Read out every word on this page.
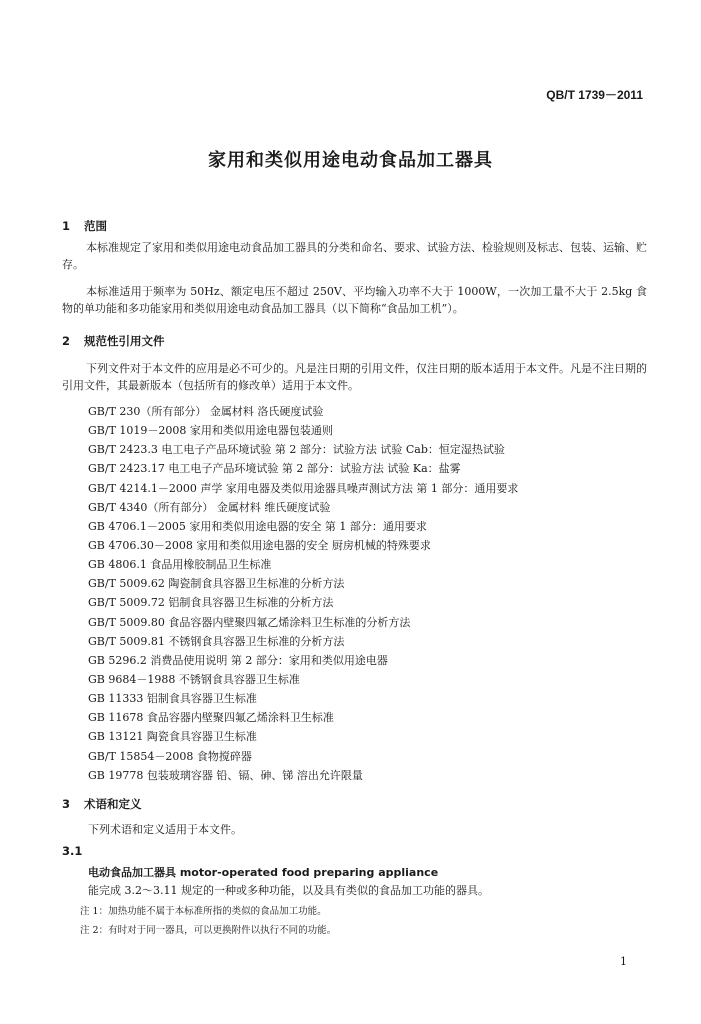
QB/T 1739－2011
家用和类似用途电动食品加工器具
1 范围
本标准规定了家用和类似用途电动食品加工器具的分类和命名、要求、试验方法、检验规则及标志、包装、运输、贮存。
本标准适用于频率为 50Hz、额定电压不超过 250V、平均输入功率不大于 1000W，一次加工量不大于 2.5kg 食物的单功能和多功能家用和类似用途电动食品加工器具（以下简称“食品加工机”）。
2 规范性引用文件
下列文件对于本文件的应用是必不可少的。凡是注日期的引用文件，仅注日期的版本适用于本文件。凡是不注日期的引用文件，其最新版本（包括所有的修改单）适用于本文件。
GB/T 230（所有部分） 金属材料 洛氏硬度试验
GB/T 1019－2008 家用和类似用途电器包装通则
GB/T 2423.3 电工电子产品环境试验 第 2 部分：试验方法 试验 Cab：恒定湿热试验
GB/T 2423.17 电工电子产品环境试验 第 2 部分：试验方法 试验 Ka：盐雾
GB/T 4214.1－2000 声学 家用电器及类似用途器具噪声测试方法 第 1 部分：通用要求
GB/T 4340（所有部分） 金属材料 维氏硬度试验
GB 4706.1－2005 家用和类似用途电器的安全 第 1 部分：通用要求
GB 4706.30－2008 家用和类似用途电器的安全 厨房机械的特殊要求
GB 4806.1 食品用橡胶制品卫生标准
GB/T 5009.62 陶瓷制食具容器卫生标准的分析方法
GB/T 5009.72 铝制食具容器卫生标准的分析方法
GB/T 5009.80 食品容器内壁聚四氟乙烯涂料卫生标准的分析方法
GB/T 5009.81 不锈钢食具容器卫生标准的分析方法
GB 5296.2 消费品使用说明 第 2 部分：家用和类似用途电器
GB 9684－1988 不锈钢食具容器卫生标准
GB 11333 铝制食具容器卫生标准
GB 11678 食品容器内壁聚四氟乙烯涂料卫生标准
GB 13121 陶瓷食具容器卫生标准
GB/T 15854－2008 食物搅碎器
GB 19778 包装玻璃容器 铅、镉、砷、锑 溶出允许限量
3 术语和定义
下列术语和定义适用于本文件。
3.1
电动食品加工器具 motor-operated food preparing appliance
能完成 3.2～3.11 规定的一种或多种功能，以及具有类似的食品加工功能的器具。
注 1：加热功能不属于本标准所指的类似的食品加工功能。
注 2：有时对于同一器具，可以更换附件以执行不同的功能。
1
